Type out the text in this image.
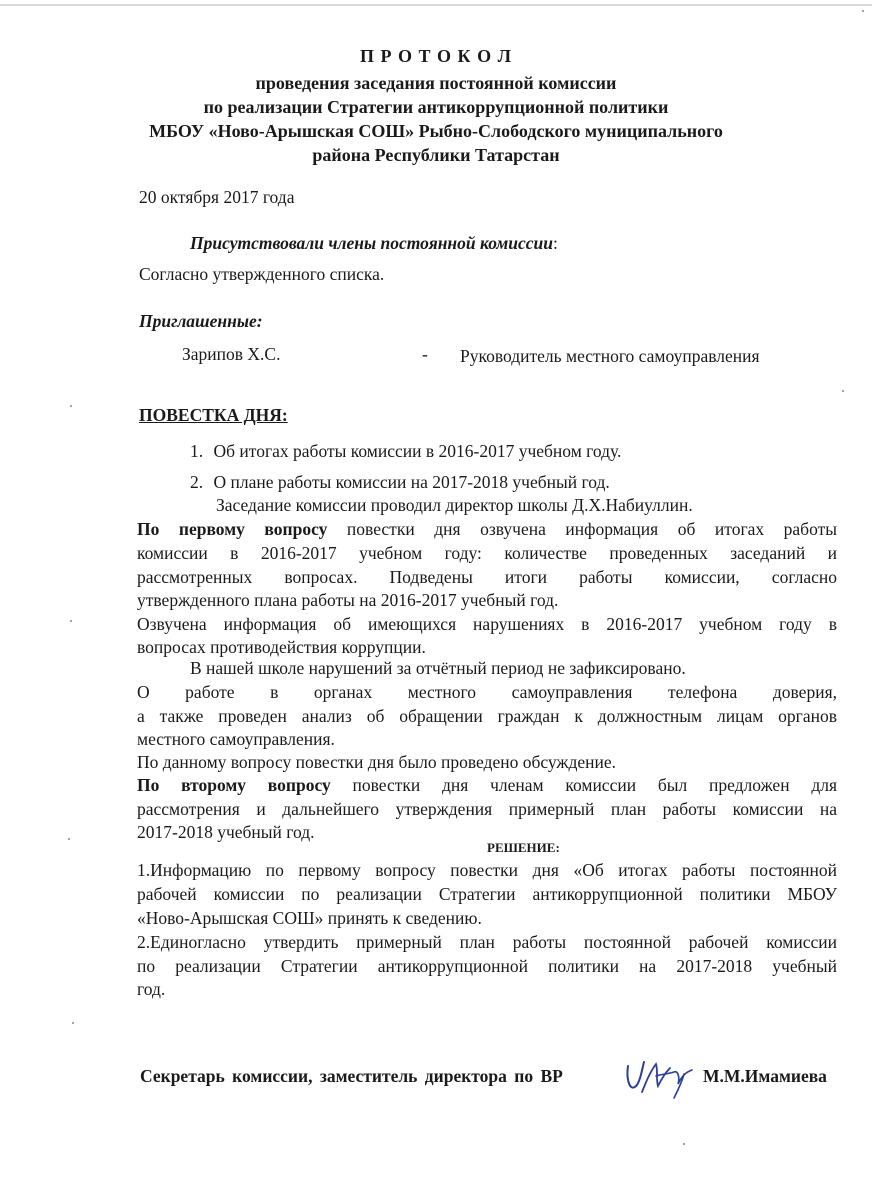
П Р О Т О К О Л
проведения заседания постоянной комиссии
по реализации Стратегии антикоррупционной политики
МБОУ «Ново-Арышская СОШ» Рыбно-Слободского муниципального
района Республики Татарстан
20 октября 2017 года
Присутствовали члены постоянной комиссии:
Согласно утвержденного списка.
Приглашенные:
Зарипов Х.С.	- Руководитель местного самоуправления
ПОВЕСТКА ДНЯ:
1. Об итогах работы комиссии в 2016-2017 учебном году.
2. О плане работы комиссии на 2017-2018 учебный год.
Заседание комиссии проводил директор школы Д.Х.Набиуллин.
По первому вопросу повестки дня озвучена информация об итогах работы
комиссии в 2016-2017 учебном году: количестве проведенных заседаний и
рассмотренных вопросах. Подведены итоги работы комиссии, согласно
утвержденного плана работы на 2016-2017 учебный год.
Озвучена информация об имеющихся нарушениях в 2016-2017 учебном году в
вопросах противодействия коррупции.
В нашей школе нарушений за отчётный период не зафиксировано.
О работе в органах местного самоуправления телефона доверия,
а также проведен анализ об обращении граждан к должностным лицам органов
местного самоуправления.
По данному вопросу повестки дня было проведено обсуждение.
По второму вопросу повестки дня членам комиссии был предложен для
рассмотрения и дальнейшего утверждения примерный план работы комиссии на
2017-2018 учебный год.
РЕШЕНИЕ:
1.Информацию по первому вопросу повестки дня «Об итогах работы постоянной
рабочей комиссии по реализации Стратегии антикоррупционной политики МБОУ
«Ново-Арышская СОШ» принять к сведению.
2.Единогласно утвердить примерный план работы постоянной рабочей комиссии
по реализации Стратегии антикоррупционной политики на 2017-2018 учебный
год.
Секретарь комиссии, заместитель директора по ВР	М.М.Имамиева
